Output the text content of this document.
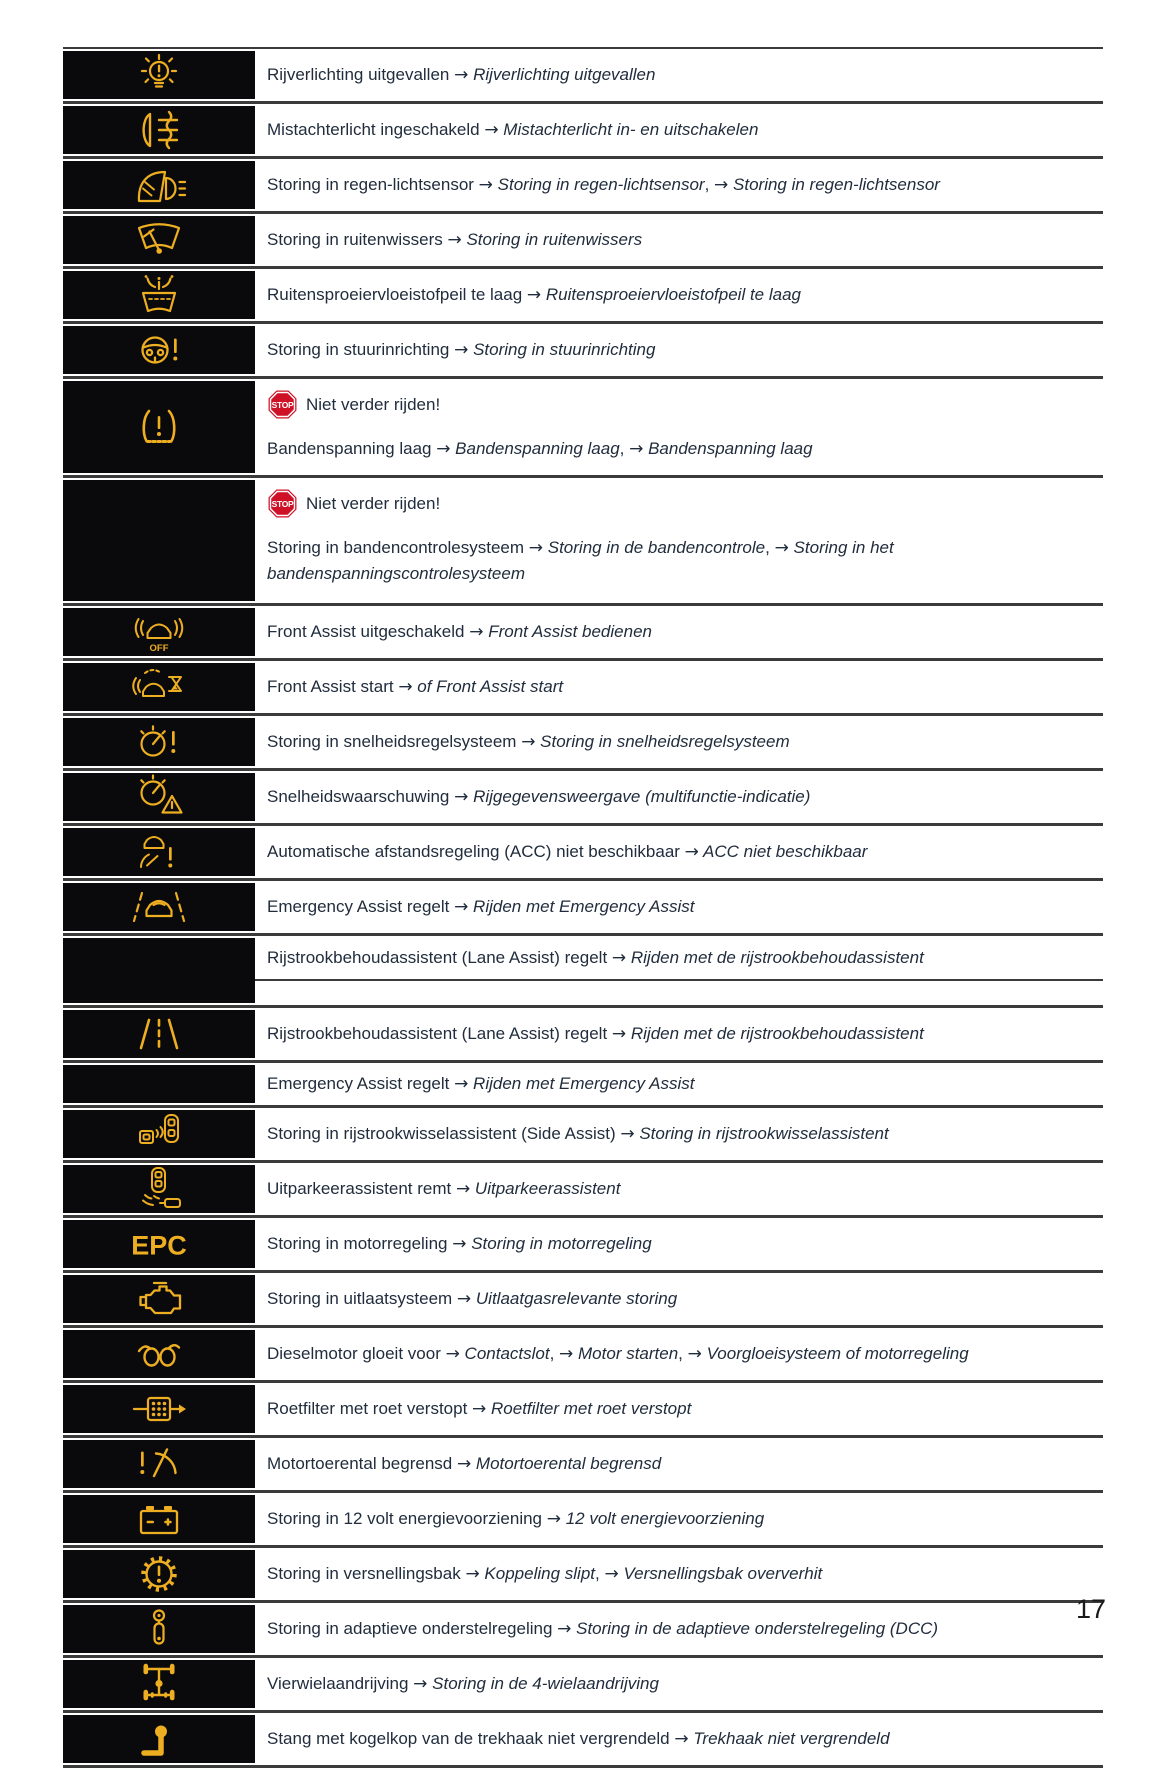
Rijverlichting uitgevallen → Rijverlichting uitgevallen
Mistachterlicht ingeschakeld → Mistachterlicht in- en uitschakelen
Storing in regen-lichtsensor → Storing in regen-lichtsensor, → Storing in regen-lichtsensor
Storing in ruitenwissers → Storing in ruitenwissers
Ruitensproeiervloeistofpeil te laag → Ruitensproeiervloeistofpeil te laag
Storing in stuurinrichting → Storing in stuurinrichting
STOP Niet verder rijden!
Bandenspanning laag → Bandenspanning laag, → Bandenspanning laag
STOP Niet verder rijden!
Storing in bandencontrolesysteem → Storing in de bandencontrole, → Storing in het bandenspanningscontrolesysteem
OFF
Front Assist uitgeschakeld → Front Assist bedienen
Front Assist start → of Front Assist start
Storing in snelheidsregelsysteem → Storing in snelheidsregelsysteem
Snelheidswaarschuwing → Rijgegevensweergave (multifunctie-indicatie)
Automatische afstandsregeling (ACC) niet beschikbaar → ACC niet beschikbaar
Emergency Assist regelt → Rijden met Emergency Assist
Rijstrookbehoudassistent (Lane Assist) regelt → Rijden met de rijstrookbehoudassistent
Rijstrookbehoudassistent (Lane Assist) regelt → Rijden met de rijstrookbehoudassistent
Emergency Assist regelt → Rijden met Emergency Assist
Storing in rijstrookwisselassistent (Side Assist) → Storing in rijstrookwisselassistent
Uitparkeerassistent remt → Uitparkeerassistent
EPC	Storing in motorregeling → Storing in motorregeling
Storing in uitlaatsysteem → Uitlaatgasrelevante storing
Dieselmotor gloeit voor → Contactslot, → Motor starten, → Voorgloeisysteem of motorregeling
Roetfilter met roet verstopt → Roetfilter met roet verstopt
Motortoerental begrensd → Motortoerental begrensd
Storing in 12 volt energievoorziening → 12 volt energievoorziening
Storing in versnellingsbak → Koppeling slipt, → Versnellingsbak oververhit
Storing in adaptieve onderstelregeling → Storing in de adaptieve onderstelregeling (DCC)
Vierwielaandrijving → Storing in de 4-wielaandrijving
Stang met kogelkop van de trekhaak niet vergrendeld → Trekhaak niet vergrendeld
17
